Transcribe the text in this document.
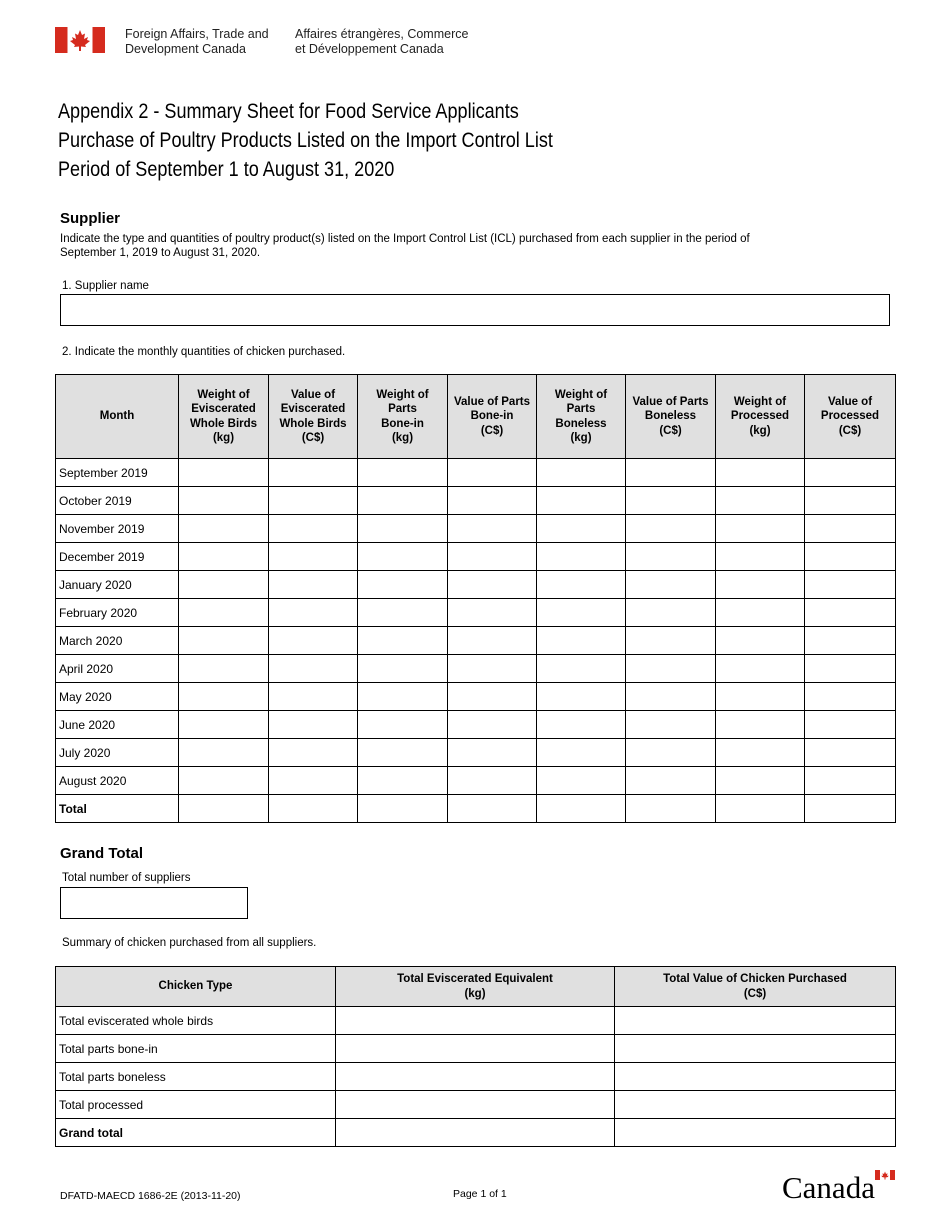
Foreign Affairs, Trade and
Development Canada
Affaires étrangères, Commerce
et Développement Canada
Appendix 2 - Summary Sheet for Food Service Applicants
Purchase of Poultry Products Listed on the Import Control List
Period of September 1 to August 31, 2020
Supplier
Indicate the type and quantities of poultry product(s) listed on the Import Control List (ICL) purchased from each supplier in the period of
September 1, 2019 to August 31, 2020.
1. Supplier name
2. Indicate the monthly quantities of chicken purchased.
Month	Weight of
Eviscerated
Whole Birds
(kg)	Value of
Eviscerated
Whole Birds
(C$)	Weight of
Parts
Bone-in
(kg)	Value of Parts
Bone-in
(C$)	Weight of
Parts
Boneless
(kg)	Value of Parts
Boneless
(C$)	Weight of
Processed
(kg)	Value of
Processed
(C$)
September 2019								
October 2019								
November 2019								
December 2019								
January 2020								
February 2020								
March 2020								
April 2020								
May 2020								
June 2020								
July 2020								
August 2020								
Total								
Grand Total
Total number of suppliers
Summary of chicken purchased from all suppliers.
Chicken Type	Total Eviscerated Equivalent
(kg)	Total Value of Chicken Purchased
(C$)
Total eviscerated whole birds		
Total parts bone-in		
Total parts boneless		
Total processed		
Grand total		
DFATD-MAECD 1686-2E (2013-11-20)	Page 1 of 1	Canada
